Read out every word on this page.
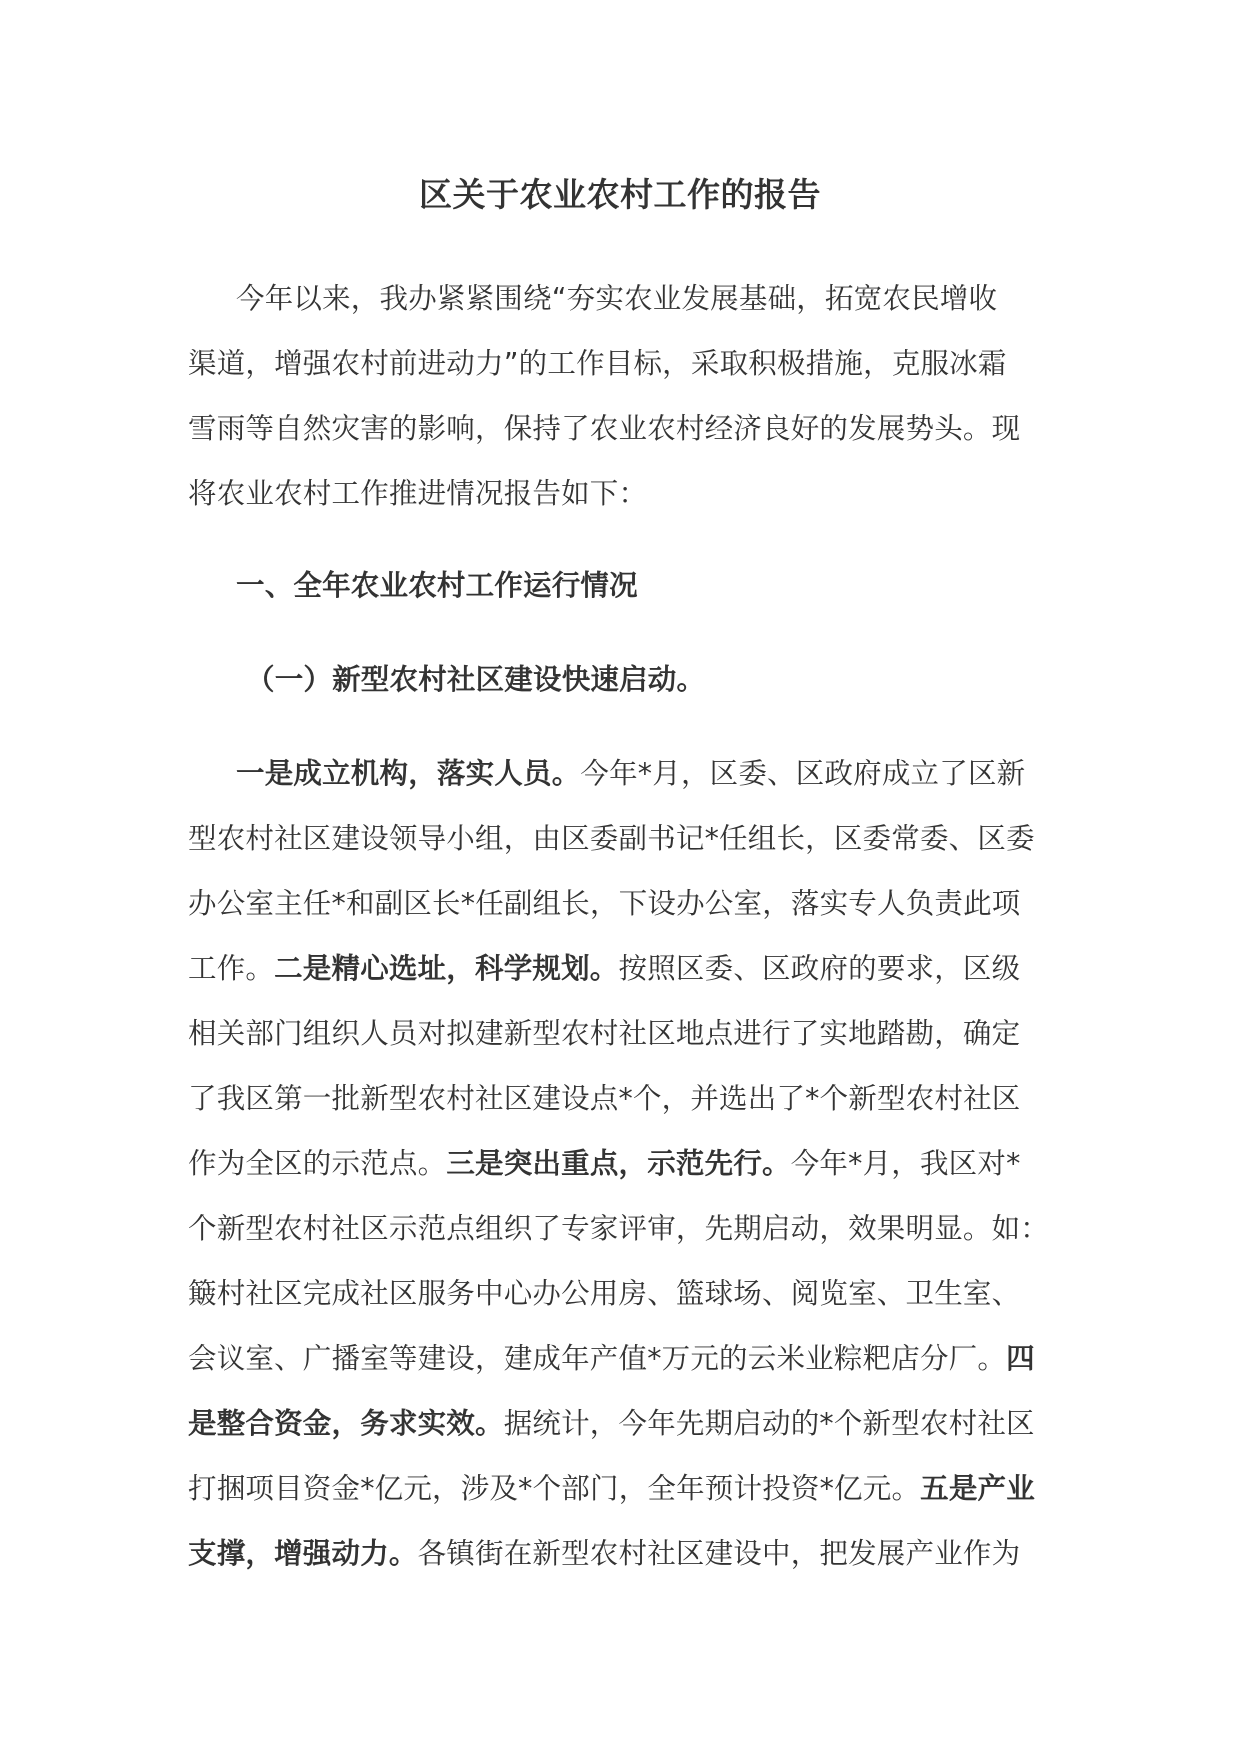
区关于农业农村工作的报告
今年以来，我办紧紧围绕“夯实农业发展基础，拓宽农民增收
渠道，增强农村前进动力”的工作目标，采取积极措施，克服冰霜
雪雨等自然灾害的影响，保持了农业农村经济良好的发展势头。现
将农业农村工作推进情况报告如下：
一、全年农业农村工作运行情况
（一）新型农村社区建设快速启动。
一是成立机构，落实人员。今年*月，区委、区政府成立了区新
型农村社区建设领导小组，由区委副书记*任组长，区委常委、区委
办公室主任*和副区长*任副组长，下设办公室，落实专人负责此项
工作。二是精心选址，科学规划。按照区委、区政府的要求，区级
相关部门组织人员对拟建新型农村社区地点进行了实地踏勘，确定
了我区第一批新型农村社区建设点*个，并选出了*个新型农村社区
作为全区的示范点。三是突出重点，示范先行。今年*月，我区对*
个新型农村社区示范点组织了专家评审，先期启动，效果明显。如：
簸村社区完成社区服务中心办公用房、篮球场、阅览室、卫生室、
会议室、广播室等建设，建成年产值*万元的云米业粽粑店分厂。四
是整合资金，务求实效。据统计，今年先期启动的*个新型农村社区
打捆项目资金*亿元，涉及*个部门，全年预计投资*亿元。五是产业
支撑，增强动力。各镇街在新型农村社区建设中，把发展产业作为
